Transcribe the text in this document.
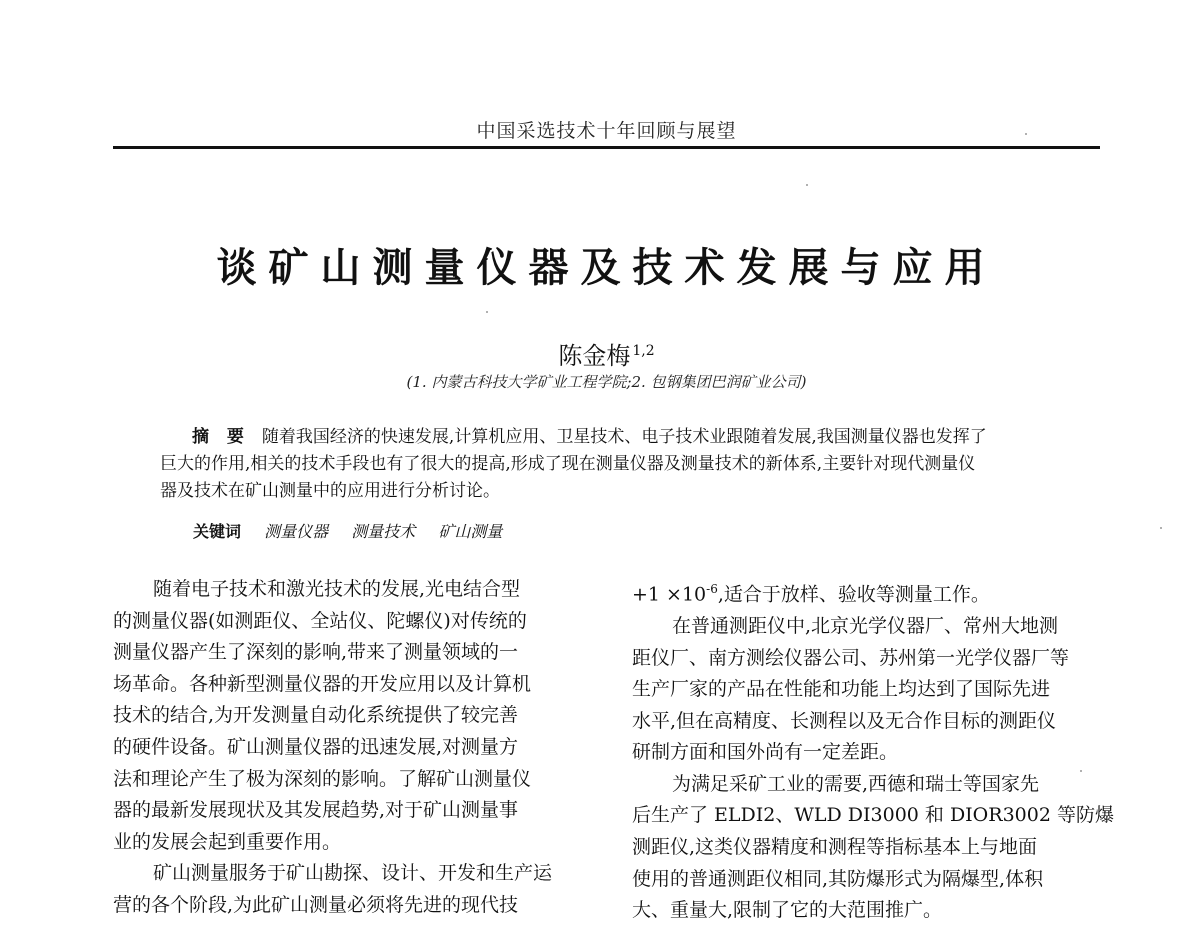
中国采选技术十年回顾与展望
谈矿山测量仪器及技术发展与应用
陈金梅 $^{1,2}$
(1. 内蒙古科技大学矿业工程学院;2. 包钢集团巴润矿业公司)
摘 要 随着我国经济的快速发展,计算机应用、卫星技术、电子技术业跟随着发展,我国测量仪器也发挥了
巨大的作用,相关的技术手段也有了很大的提高,形成了现在测量仪器及测量技术的新体系,主要针对现代测量仪
器及技术在矿山测量中的应用进行分析讨论。
关键词 测量仪器 测量技术 矿山测量

随着电子技术和激光技术的发展,光电结合型
的测量仪器(如测距仪、全站仪、陀螺仪)对传统的
测量仪器产生了深刻的影响,带来了测量领域的一
场革命。各种新型测量仪器的开发应用以及计算机
技术的结合,为开发测量自动化系统提供了较完善
的硬件设备。矿山测量仪器的迅速发展,对测量方
法和理论产生了极为深刻的影响。了解矿山测量仪
器的最新发展现状及其发展趋势,对于矿山测量事
业的发展会起到重要作用。

矿山测量服务于矿山勘探、设计、开发和生产运
营的各个阶段,为此矿山测量必须将先进的现代技

$+1 \times 10^{-6}$,适合于放样、验收等测量工作。

在普通测距仪中,北京光学仪器厂、常州大地测
距仪厂、南方测绘仪器公司、苏州第一光学仪器厂等
生产厂家的产品在性能和功能上均达到了国际先进
水平,但在高精度、长测程以及无合作目标的测距仪
研制方面和国外尚有一定差距。

为满足采矿工业的需要,西德和瑞士等国家先
后生产了 ELDI2、WLD DI3000 和 DIOR3002 等防爆
测距仪,这类仪器精度和测程等指标基本上与地面
使用的普通测距仪相同,其防爆形式为隔爆型,体积
大、重量大,限制了它的大范围推广。
